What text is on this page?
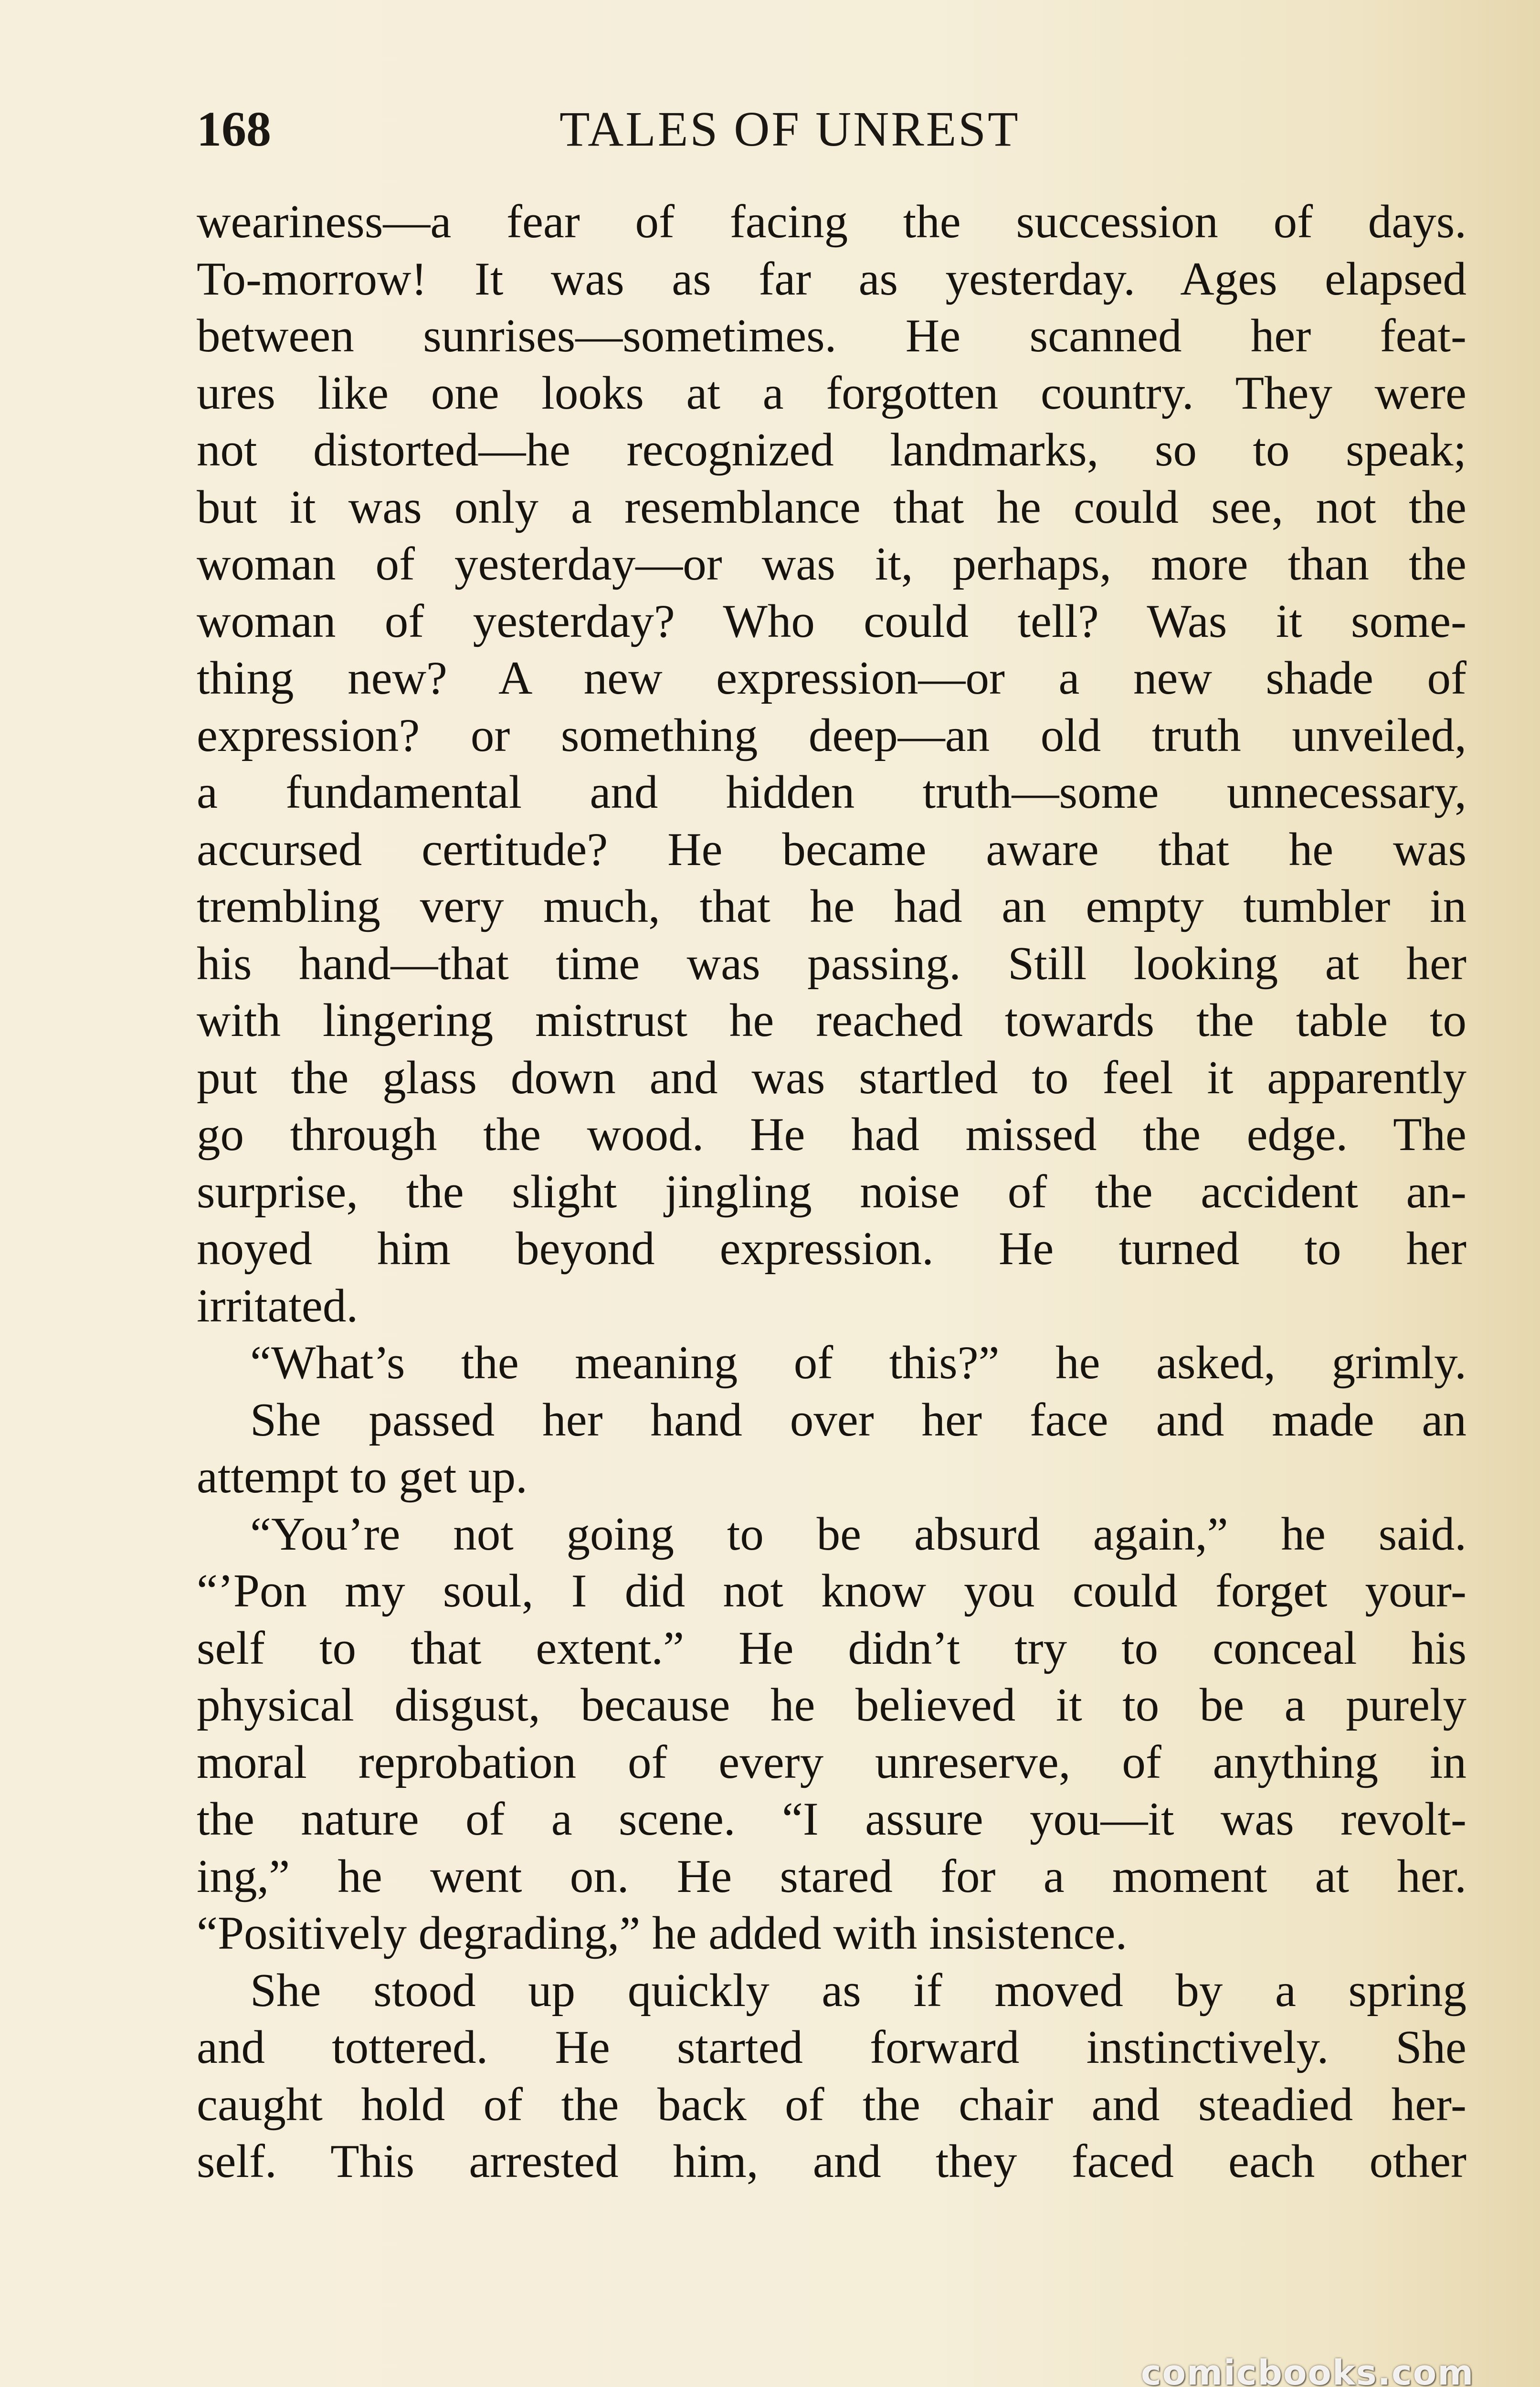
168	TALES OF UNREST
weariness—a fear of facing the succession of days.
To-morrow! It was as far as yesterday. Ages elapsed
between sunrises—sometimes. He scanned her feat-
ures like one looks at a forgotten country. They were
not distorted—he recognized landmarks, so to speak;
but it was only a resemblance that he could see, not the
woman of yesterday—or was it, perhaps, more than the
woman of yesterday? Who could tell? Was it some-
thing new? A new expression—or a new shade of
expression? or something deep—an old truth unveiled,
a fundamental and hidden truth—some unnecessary,
accursed certitude? He became aware that he was
trembling very much, that he had an empty tumbler in
his hand—that time was passing. Still looking at her
with lingering mistrust he reached towards the table to
put the glass down and was startled to feel it apparently
go through the wood. He had missed the edge. The
surprise, the slight jingling noise of the accident an-
noyed him beyond expression. He turned to her
irritated.
“What’s the meaning of this?” he asked, grimly.
She passed her hand over her face and made an
attempt to get up.
“You’re not going to be absurd again,” he said.
“’Pon my soul, I did not know you could forget your-
self to that extent.” He didn’t try to conceal his
physical disgust, because he believed it to be a purely
moral reprobation of every unreserve, of anything in
the nature of a scene. “I assure you—it was revolt-
ing,” he went on. He stared for a moment at her.
“Positively degrading,” he added with insistence.
She stood up quickly as if moved by a spring
and tottered. He started forward instinctively. She
caught hold of the back of the chair and steadied her-
self. This arrested him, and they faced each other
comicbooks.com
